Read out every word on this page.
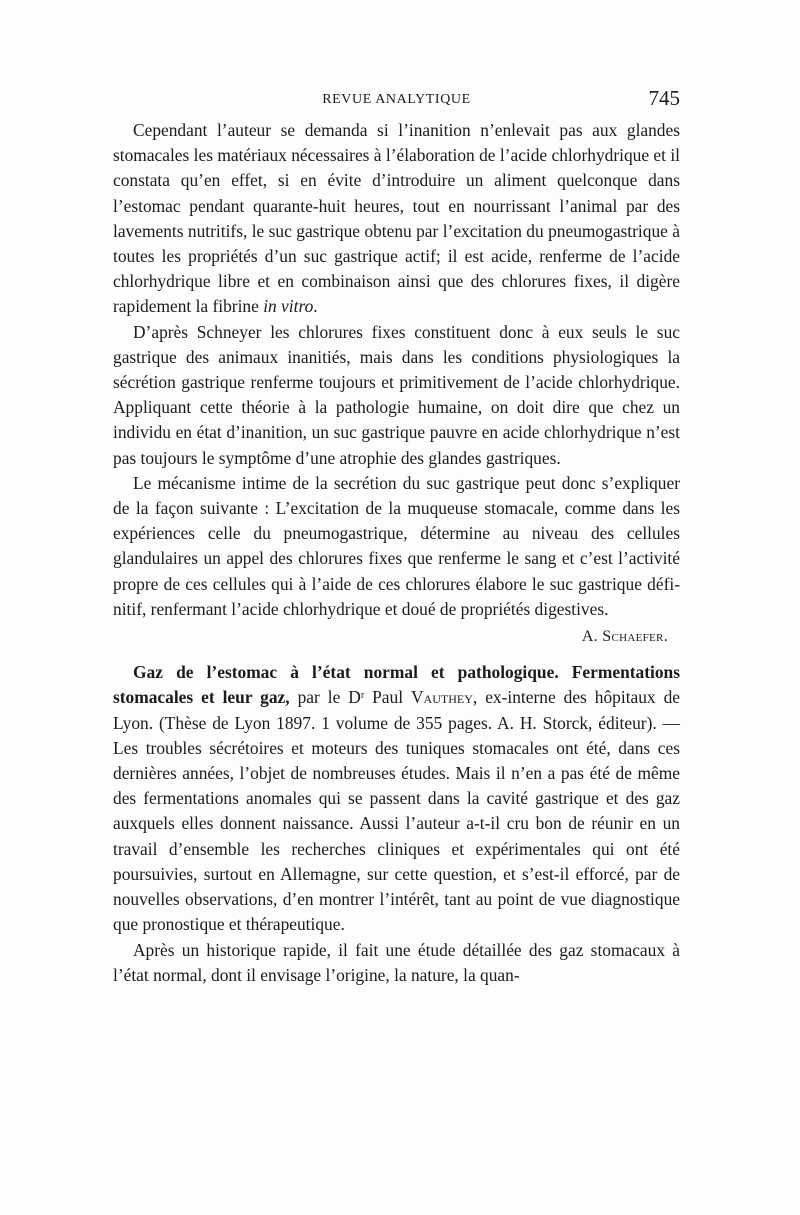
REVUE ANALYTIQUE	745

Cependant l’auteur se demanda si l’inanition n’enlevait pas aux glandes stomacales les matériaux nécessaires à l’élaboration de l’acide chlorhydrique et il constata qu’en effet, si en évite d’introduire un aliment quelconque dans l’estomac pendant quarante-huit heures, tout en nourrissant l’animal par des lavements nutritifs, le suc gastrique obtenu par l’excitation du pneumogastrique à toutes les propriétés d’un suc gastrique actif; il est acide, renferme de l’acide chlorhydrique libre et en combinaison ainsi que des chlorures fixes, il digère rapidement la fibrine in vitro.

D’après Schneyer les chlorures fixes constituent donc à eux seuls le suc gastrique des animaux inanitiés, mais dans les conditions physiologiques la sécrétion gastrique renferme toujours et primitivement de l’acide chlorhydrique. Appliquant cette théorie à la pathologie humaine, on doit dire que chez un individu en état d’inanition, un suc gastrique pauvre en acide chlorhydrique n’est pas toujours le symptôme d’une atrophie des glandes gastriques.

Le mécanisme intime de la secrétion du suc gastrique peut donc s’expliquer de la façon suivante : L’excitation de la muqueuse stomacale, comme dans les expériences celle du pneumogastrique, détermine au niveau des cellules glandulaires un appel des chlorures fixes que renferme le sang et c’est l’activité propre de ces cellules qui à l’aide de ces chlorures élabore le suc gastrique définitif, renfermant l’acide chlorhydrique et doué de propriétés digestives.

A. Schaefer.

Gaz de l’estomac à l’état normal et pathologique. Fermentations stomacales et leur gaz, par le $D^r$ Paul Vauthey, ex-interne des hôpitaux de Lyon. (Thèse de Lyon 1897. 1 volume de 355 pages. A. H. Storck, éditeur). — Les troubles sécrétoires et moteurs des tuniques stomacales ont été, dans ces dernières années, l’objet de nombreuses études. Mais il n’en a pas été de même des fermentations anomales qui se passent dans la cavité gastrique et des gaz auxquels elles donnent naissance. Aussi l’auteur a-t-il cru bon de réunir en un travail d’ensemble les recherches cliniques et expérimentales qui ont été poursuivies, surtout en Allemagne, sur cette question, et s’est-il efforcé, par de nouvelles observations, d’en montrer l’intérêt, tant au point de vue diagnostique que pronostique et thérapeutique.

Après un historique rapide, il fait une étude détaillée des gaz stomacaux à l’état normal, dont il envisage l’origine, la nature, la quan-
